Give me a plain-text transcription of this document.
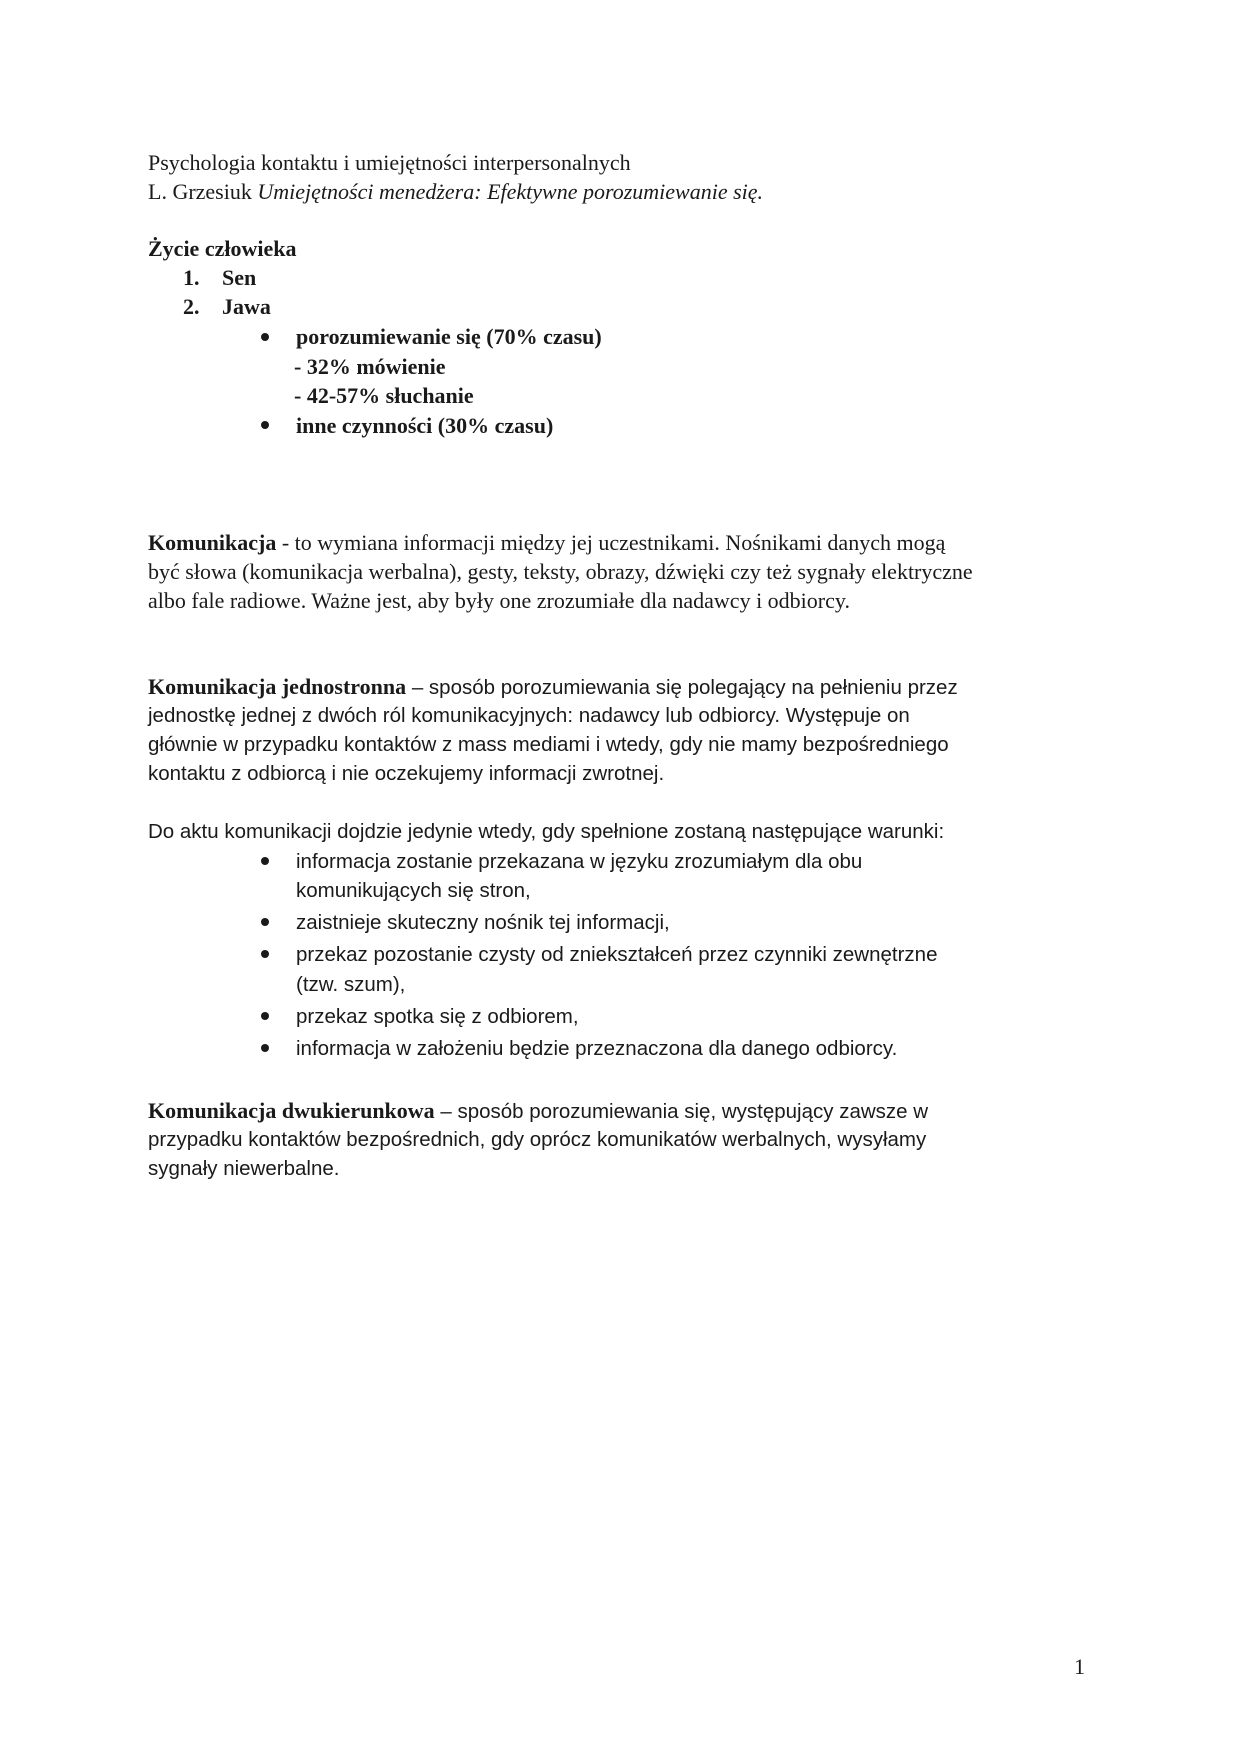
Psychologia kontaktu i umiejętności interpersonalnych
L. Grzesiuk Umiejętności menedżera: Efektywne porozumiewanie się.
Życie człowieka
1. Sen
2. Jawa
porozumiewanie się (70% czasu)
- 32% mówienie
- 42-57% słuchanie
inne czynności (30% czasu)
Komunikacja - to wymiana informacji między jej uczestnikami. Nośnikami danych mogą
być słowa (komunikacja werbalna), gesty, teksty, obrazy, dźwięki czy też sygnały elektryczne
albo fale radiowe. Ważne jest, aby były one zrozumiałe dla nadawcy i odbiorcy.
Komunikacja jednostronna – sposób porozumiewania się polegający na pełnieniu przez
jednostkę jednej z dwóch ról komunikacyjnych: nadawcy lub odbiorcy. Występuje on
głównie w przypadku kontaktów z mass mediami i wtedy, gdy nie mamy bezpośredniego
kontaktu z odbiorcą i nie oczekujemy informacji zwrotnej.
Do aktu komunikacji dojdzie jedynie wtedy, gdy spełnione zostaną następujące warunki:
informacja zostanie przekazana w języku zrozumiałym dla obu
komunikujących się stron,
zaistnieje skuteczny nośnik tej informacji,
przekaz pozostanie czysty od zniekształceń przez czynniki zewnętrzne
(tzw. szum),
przekaz spotka się z odbiorem,
informacja w założeniu będzie przeznaczona dla danego odbiorcy.
Komunikacja dwukierunkowa – sposób porozumiewania się, występujący zawsze w
przypadku kontaktów bezpośrednich, gdy oprócz komunikatów werbalnych, wysyłamy
sygnały niewerbalne.
1
